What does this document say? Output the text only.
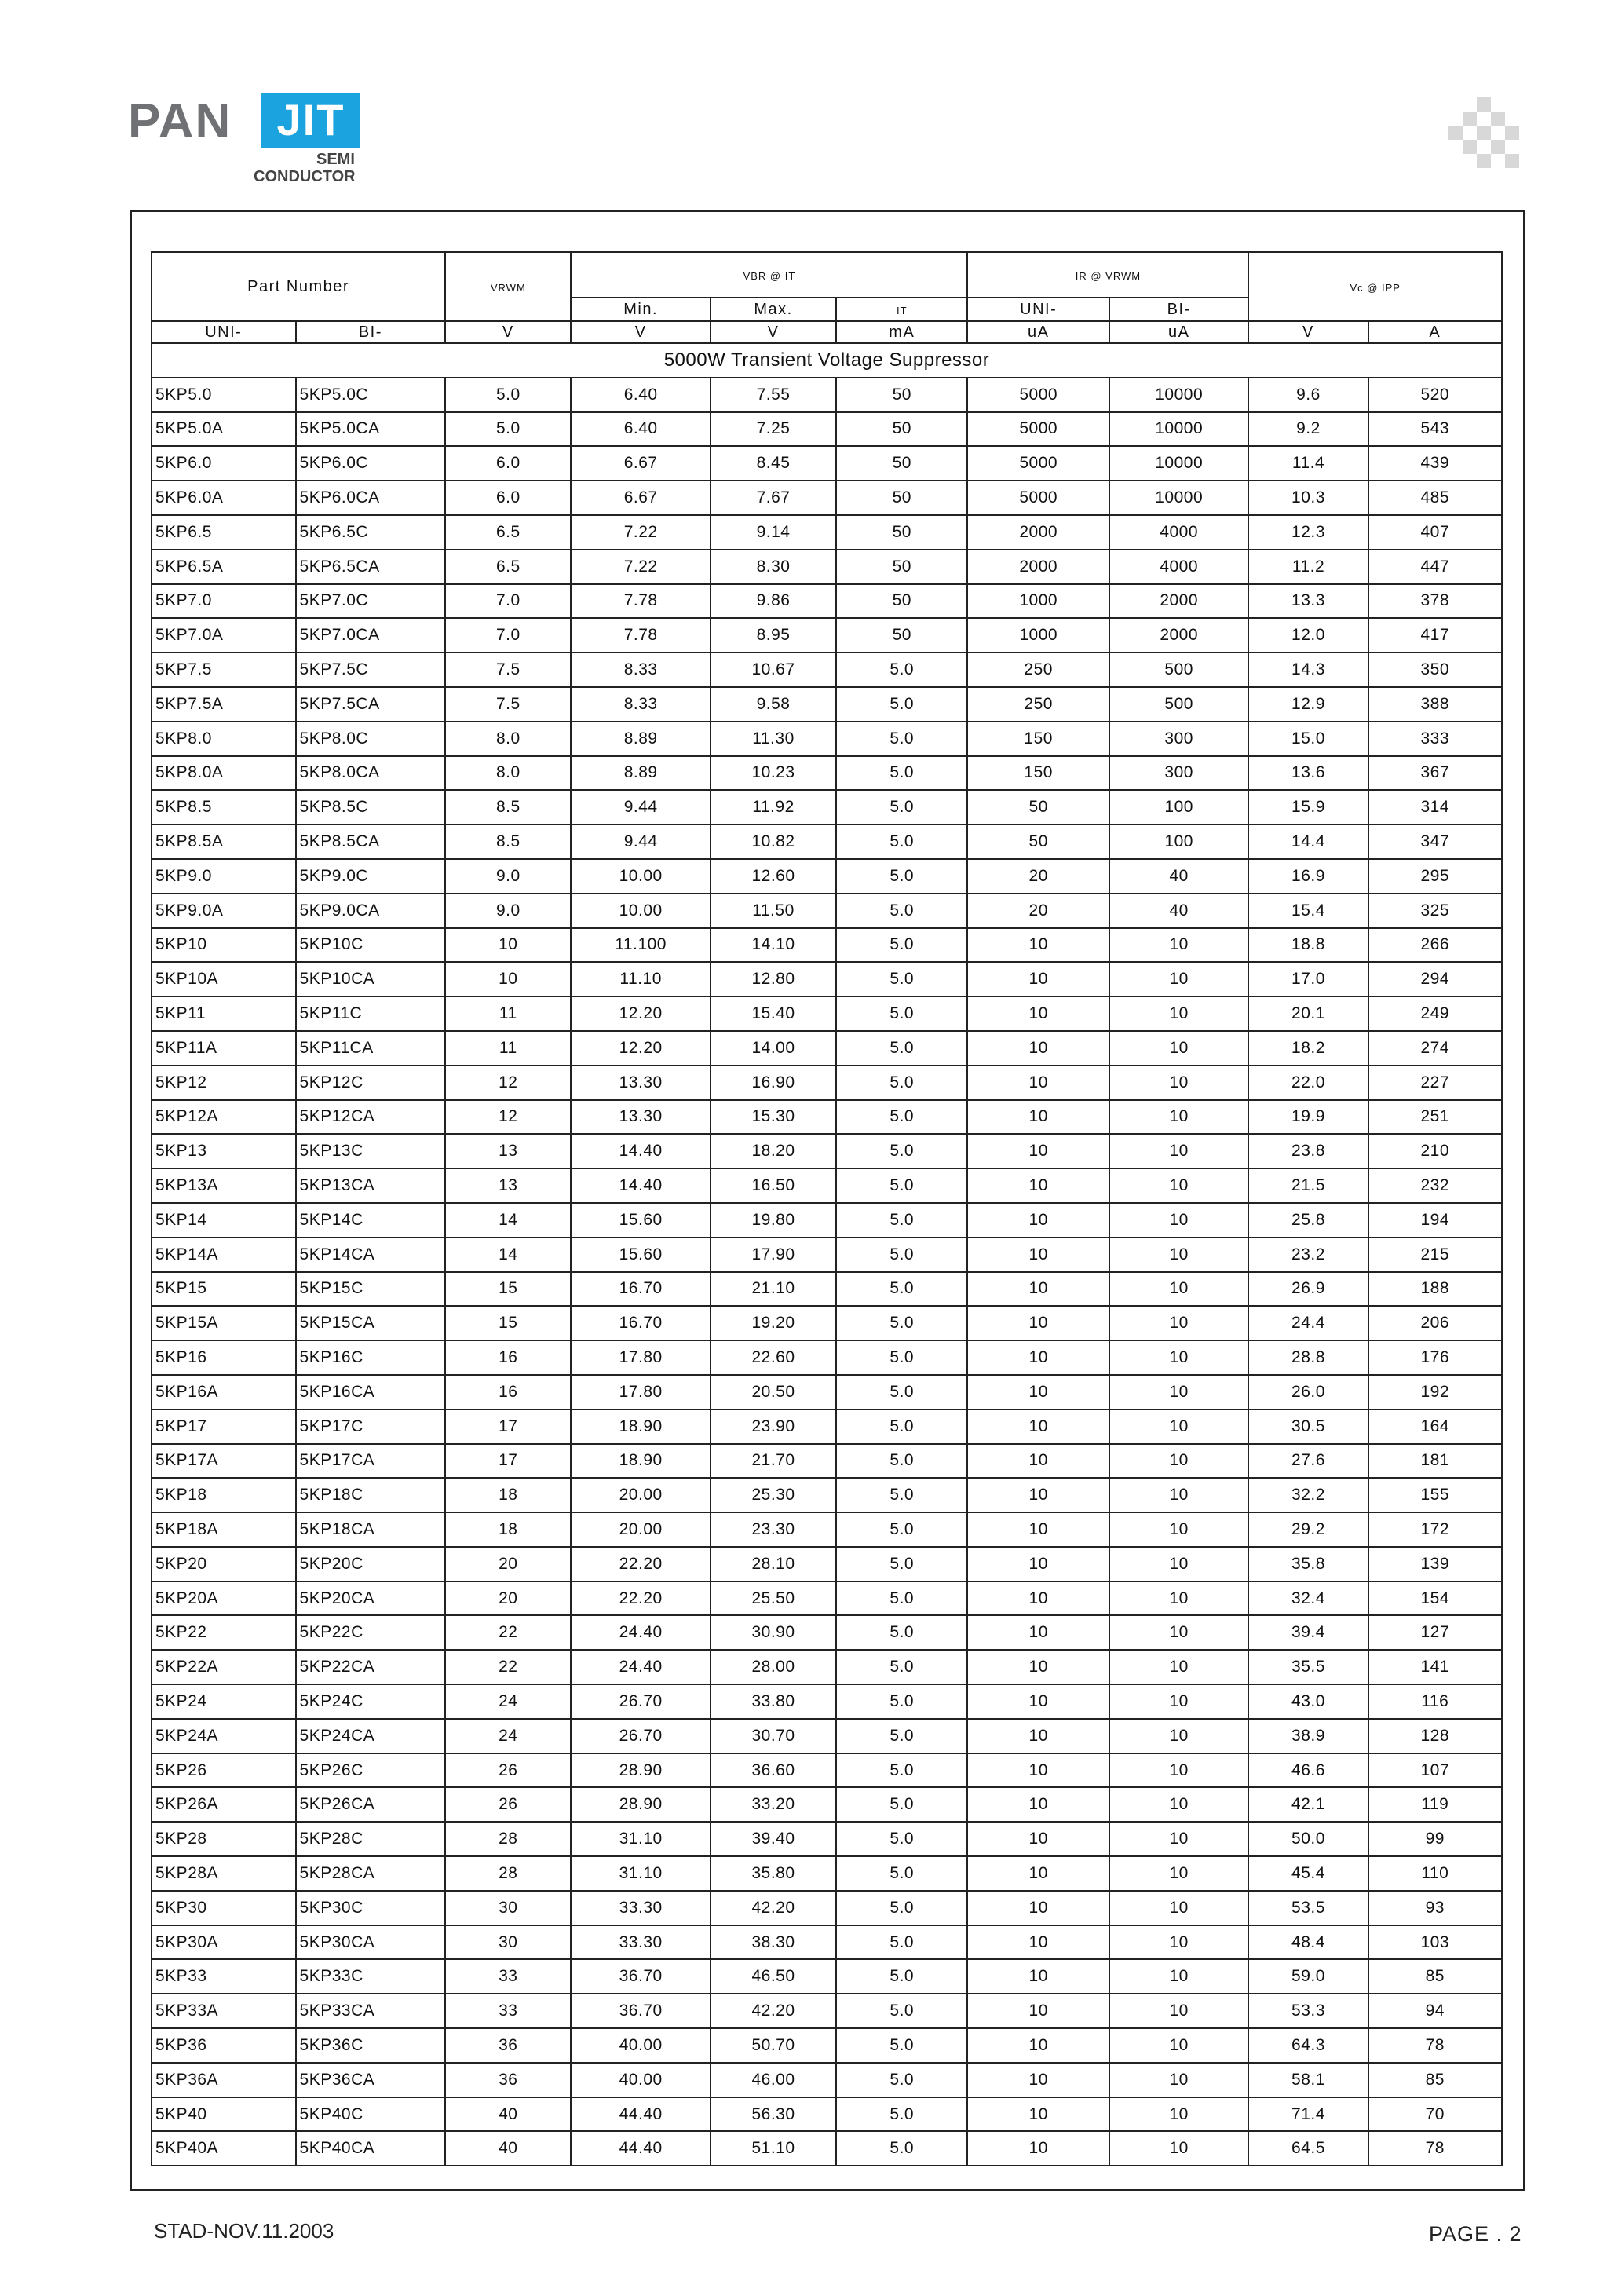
PAN	JIT
SEMI
CONDUCTOR
Part Number		VRWM	VBR @ IT			IR @ VRWM		Vc @ IPP	
			Min.	Max.	IT	UNI-	BI-		
UNI-	BI-	V	V	V	mA	uA	uA	V	A
5000W Transient Voltage Suppressor									
5KP5.0	5KP5.0C	5.0	6.40	7.55	50	5000	10000	9.6	520
5KP5.0A	5KP5.0CA	5.0	6.40	7.25	50	5000	10000	9.2	543
5KP6.0	5KP6.0C	6.0	6.67	8.45	50	5000	10000	11.4	439
5KP6.0A	5KP6.0CA	6.0	6.67	7.67	50	5000	10000	10.3	485
5KP6.5	5KP6.5C	6.5	7.22	9.14	50	2000	4000	12.3	407
5KP6.5A	5KP6.5CA	6.5	7.22	8.30	50	2000	4000	11.2	447
5KP7.0	5KP7.0C	7.0	7.78	9.86	50	1000	2000	13.3	378
5KP7.0A	5KP7.0CA	7.0	7.78	8.95	50	1000	2000	12.0	417
5KP7.5	5KP7.5C	7.5	8.33	10.67	5.0	250	500	14.3	350
5KP7.5A	5KP7.5CA	7.5	8.33	9.58	5.0	250	500	12.9	388
5KP8.0	5KP8.0C	8.0	8.89	11.30	5.0	150	300	15.0	333
5KP8.0A	5KP8.0CA	8.0	8.89	10.23	5.0	150	300	13.6	367
5KP8.5	5KP8.5C	8.5	9.44	11.92	5.0	50	100	15.9	314
5KP8.5A	5KP8.5CA	8.5	9.44	10.82	5.0	50	100	14.4	347
5KP9.0	5KP9.0C	9.0	10.00	12.60	5.0	20	40	16.9	295
5KP9.0A	5KP9.0CA	9.0	10.00	11.50	5.0	20	40	15.4	325
5KP10	5KP10C	10	11.100	14.10	5.0	10	10	18.8	266
5KP10A	5KP10CA	10	11.10	12.80	5.0	10	10	17.0	294
5KP11	5KP11C	11	12.20	15.40	5.0	10	10	20.1	249
5KP11A	5KP11CA	11	12.20	14.00	5.0	10	10	18.2	274
5KP12	5KP12C	12	13.30	16.90	5.0	10	10	22.0	227
5KP12A	5KP12CA	12	13.30	15.30	5.0	10	10	19.9	251
5KP13	5KP13C	13	14.40	18.20	5.0	10	10	23.8	210
5KP13A	5KP13CA	13	14.40	16.50	5.0	10	10	21.5	232
5KP14	5KP14C	14	15.60	19.80	5.0	10	10	25.8	194
5KP14A	5KP14CA	14	15.60	17.90	5.0	10	10	23.2	215
5KP15	5KP15C	15	16.70	21.10	5.0	10	10	26.9	188
5KP15A	5KP15CA	15	16.70	19.20	5.0	10	10	24.4	206
5KP16	5KP16C	16	17.80	22.60	5.0	10	10	28.8	176
5KP16A	5KP16CA	16	17.80	20.50	5.0	10	10	26.0	192
5KP17	5KP17C	17	18.90	23.90	5.0	10	10	30.5	164
5KP17A	5KP17CA	17	18.90	21.70	5.0	10	10	27.6	181
5KP18	5KP18C	18	20.00	25.30	5.0	10	10	32.2	155
5KP18A	5KP18CA	18	20.00	23.30	5.0	10	10	29.2	172
5KP20	5KP20C	20	22.20	28.10	5.0	10	10	35.8	139
5KP20A	5KP20CA	20	22.20	25.50	5.0	10	10	32.4	154
5KP22	5KP22C	22	24.40	30.90	5.0	10	10	39.4	127
5KP22A	5KP22CA	22	24.40	28.00	5.0	10	10	35.5	141
5KP24	5KP24C	24	26.70	33.80	5.0	10	10	43.0	116
5KP24A	5KP24CA	24	26.70	30.70	5.0	10	10	38.9	128
5KP26	5KP26C	26	28.90	36.60	5.0	10	10	46.6	107
5KP26A	5KP26CA	26	28.90	33.20	5.0	10	10	42.1	119
5KP28	5KP28C	28	31.10	39.40	5.0	10	10	50.0	99
5KP28A	5KP28CA	28	31.10	35.80	5.0	10	10	45.4	110
5KP30	5KP30C	30	33.30	42.20	5.0	10	10	53.5	93
5KP30A	5KP30CA	30	33.30	38.30	5.0	10	10	48.4	103
5KP33	5KP33C	33	36.70	46.50	5.0	10	10	59.0	85
5KP33A	5KP33CA	33	36.70	42.20	5.0	10	10	53.3	94
5KP36	5KP36C	36	40.00	50.70	5.0	10	10	64.3	78
5KP36A	5KP36CA	36	40.00	46.00	5.0	10	10	58.1	85
5KP40	5KP40C	40	44.40	56.30	5.0	10	10	71.4	70
5KP40A	5KP40CA	40	44.40	51.10	5.0	10	10	64.5	78
STAD-NOV.11.2003	PAGE . 2
